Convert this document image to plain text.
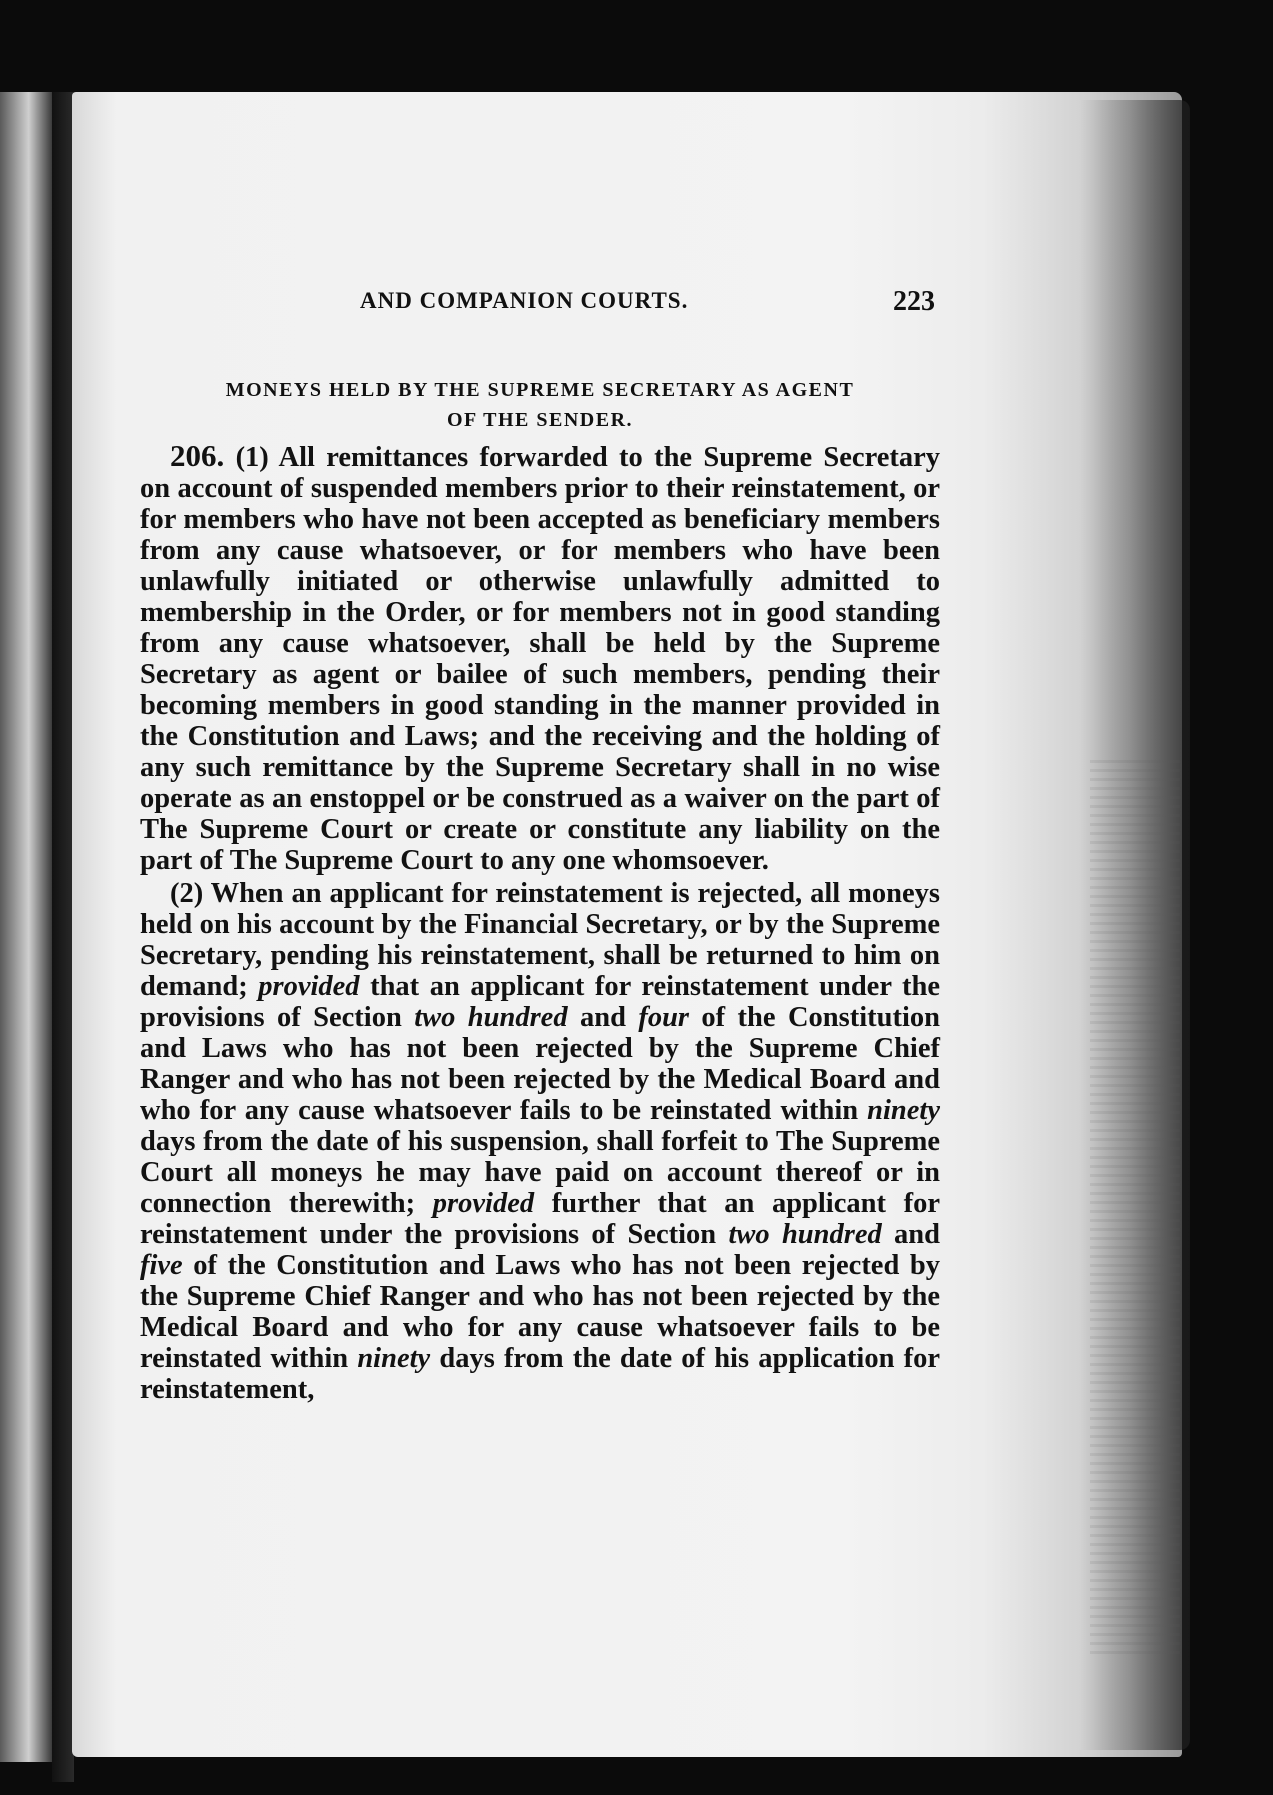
AND COMPANION COURTS.	223
MONEYS HELD BY THE SUPREME SECRETARY AS AGENT
OF THE SENDER.

206. (1) All remittances forwarded to the Supreme Secretary on account of suspended members prior to their reinstatement, or for members who have not been accepted as beneficiary members from any cause whatsoever, or for members who have been unlawfully initiated or otherwise unlawfully admitted to membership in the Order, or for members not in good standing from any cause whatsoever, shall be held by the Supreme Secretary as agent or bailee of such members, pending their becoming members in good standing in the manner provided in the Constitution and Laws; and the receiving and the holding of any such remittance by the Supreme Secretary shall in no wise operate as an enstoppel or be construed as a waiver on the part of The Supreme Court or create or constitute any liability on the part of The Supreme Court to any one whomsoever.

(2) When an applicant for reinstatement is rejected, all moneys held on his account by the Financial Secretary, or by the Supreme Secretary, pending his reinstatement, shall be returned to him on demand; provided that an applicant for reinstatement under the provisions of Section two hundred and four of the Constitution and Laws who has not been rejected by the Supreme Chief Ranger and who has not been rejected by the Medical Board and who for any cause whatsoever fails to be reinstated within ninety days from the date of his suspension, shall forfeit to The Supreme Court all moneys he may have paid on account thereof or in connection therewith; provided further that an applicant for reinstatement under the provisions of Section two hundred and five of the Constitution and Laws who has not been rejected by the Supreme Chief Ranger and who has not been rejected by the Medical Board and who for any cause whatsoever fails to be reinstated within ninety days from the date of his application for reinstatement,
